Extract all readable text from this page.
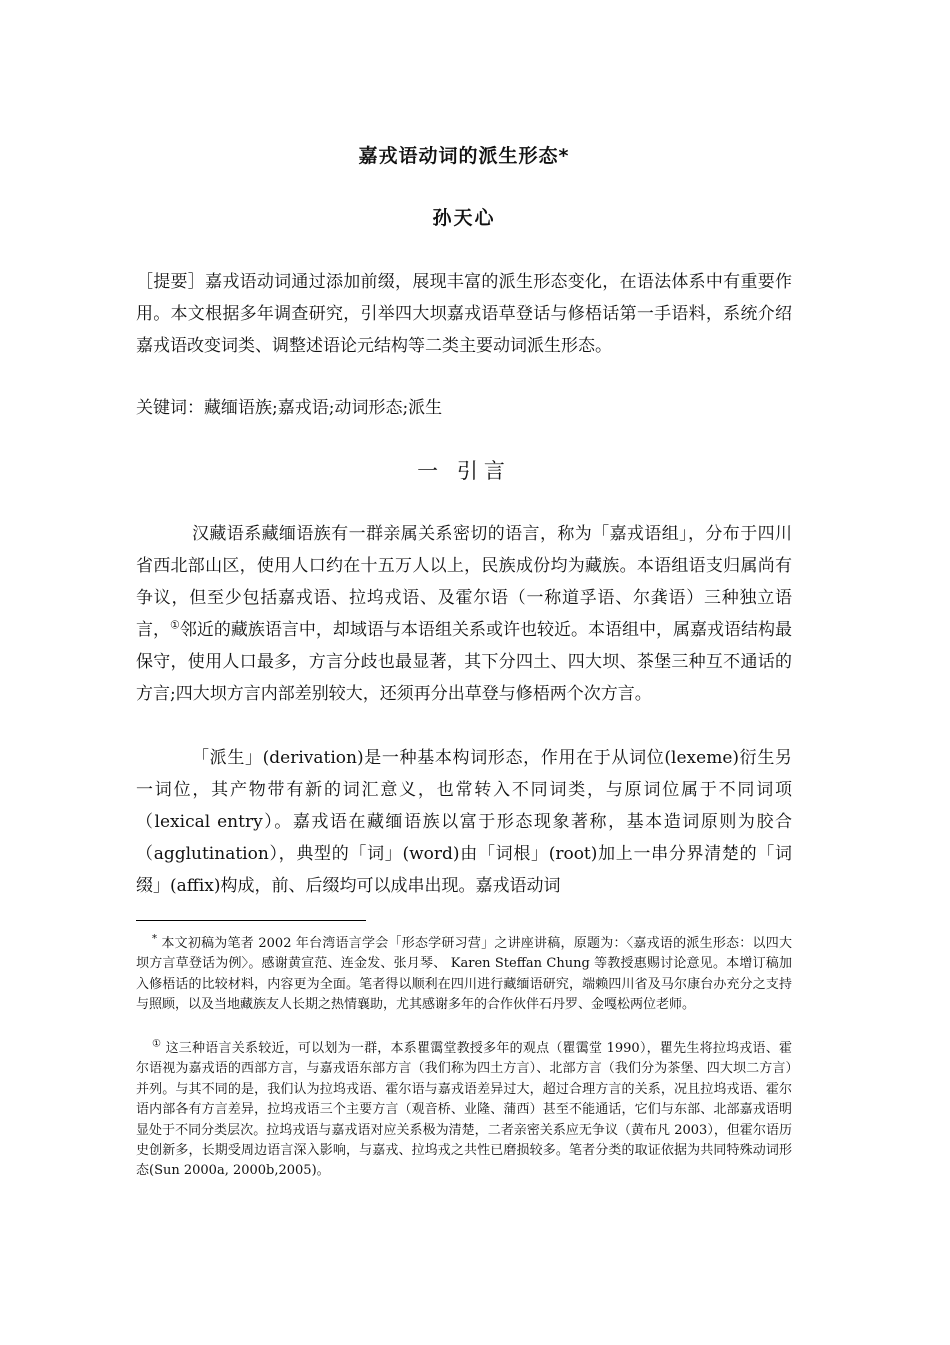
嘉戎语动词的派生形态*
孙天心

［提要］嘉戎语动词通过添加前缀，展现丰富的派生形态变化，在语法体系中有重要作用。本文根据多年调查研究，引举四大坝嘉戎语草登话与修梧话第一手语料，系统介绍嘉戎语改变词类、调整述语论元结构等二类主要动词派生形态。

关键词：藏缅语族;嘉戎语;动词形态;派生

一 引言

汉藏语系藏缅语族有一群亲属关系密切的语言，称为「嘉戎语组」，分布于四川省西北部山区，使用人口约在十五万人以上，民族成份均为藏族。本语组语支归属尚有争议，但至少包括嘉戎语、拉坞戎语、及霍尔语（一称道孚语、尔龚语）三种独立语言，①邻近的藏族语言中，却域语与本语组关系或许也较近。本语组中，属嘉戎语结构最保守，使用人口最多，方言分歧也最显著，其下分四土、四大坝、茶堡三种互不通话的方言;四大坝方言内部差别较大，还须再分出草登与修梧两个次方言。

「派生」(derivation)是一种基本构词形态，作用在于从词位(lexeme)衍生另一词位，其产物带有新的词汇意义，也常转入不同词类，与原词位属于不同词项（lexical entry）。嘉戎语在藏缅语族以富于形态现象著称，基本造词原则为胶合（agglutination），典型的「词」(word)由「词根」(root)加上一串分界清楚的「词缀」(affix)构成，前、后缀均可以成串出现。嘉戎语动词

* 本文初稿为笔者 2002 年台湾语言学会「形态学研习营」之讲座讲稿，原题为：〈嘉戎语的派生形态：以四大坝方言草登话为例〉。感谢黄宣范、连金发、张月琴、 Karen Steffan Chung 等教授惠赐讨论意见。本增订稿加入修梧话的比较材料，内容更为全面。笔者得以顺利在四川进行藏缅语研究，端赖四川省及马尔康台办充分之支持与照顾，以及当地藏族友人长期之热情襄助，尤其感谢多年的合作伙伴石丹罗、金嘎松两位老师。

① 这三种语言关系较近，可以划为一群，本系瞿霭堂教授多年的观点（瞿霭堂 1990），瞿先生将拉坞戎语、霍尔语视为嘉戎语的西部方言，与嘉戎语东部方言（我们称为四土方言）、北部方言（我们分为茶堡、四大坝二方言）并列。与其不同的是，我们认为拉坞戎语、霍尔语与嘉戎语差异过大，超过合理方言的关系，况且拉坞戎语、霍尔语内部各有方言差异，拉坞戎语三个主要方言（观音桥、业隆、蒲西）甚至不能通话，它们与东部、北部嘉戎语明显处于不同分类层次。拉坞戎语与嘉戎语对应关系极为清楚，二者亲密关系应无争议（黄布凡 2003），但霍尔语历史创新多，长期受周边语言深入影响，与嘉戎、拉坞戎之共性已磨损较多。笔者分类的取证依据为共同特殊动词形态(Sun 2000a, 2000b,2005)。
